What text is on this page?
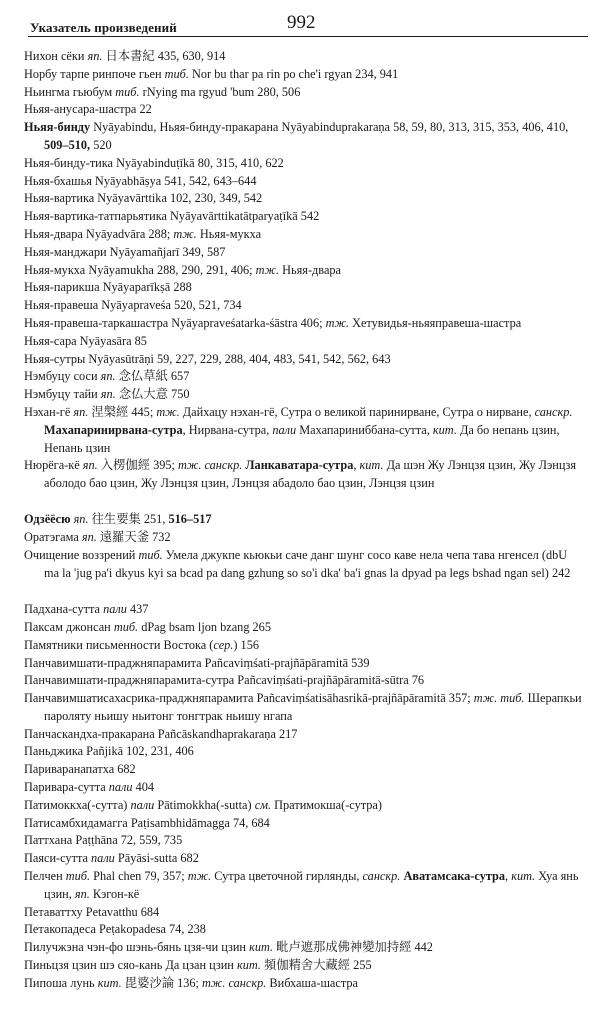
Указатель произведений	992
Нихон сёки яп. 日本書紀 435, 630, 914
Норбу тарпе ринпоче гьен тиб. Nor bu thar pa rin po che'i rgyan 234, 941
Ньингма гьюбум тиб. rNying ma rgyud 'bum 280, 506
Ньяя-анусара-шастра 22
Ньяя-бинду Nyāyabindu, Ньяя-бинду-пракарана Nyāyabinduprakaraṇa 58, 59, 80, 313, 315, 353, 406, 410, 509–510, 520
Ньяя-бинду-тика Nyāyabinduṭīkā 80, 315, 410, 622
Ньяя-бхашья Nyāyabhāṣya 541, 542, 643–644
Ньяя-вартика Nyāyavārttika 102, 230, 349, 542
Ньяя-вартика-татпарьятика Nyāyavārttikatātparyaṭīkā 542
Ньяя-двара Nyāyadvāra 288; тж. Ньяя-мукха
Ньяя-манджари Nyāyamañjarī 349, 587
Ньяя-мукха Nyāyamukha 288, 290, 291, 406; тж. Ньяя-двара
Ньяя-парикша Nyāyaparīkṣā 288
Ньяя-правеша Nyāyapraveśa 520, 521, 734
Ньяя-правеша-таркашастра Nyāyapraveśatarka-śāstra 406; тж. Хетувидья-ньяяправеша-шастра
Ньяя-сара Nyāyasāra 85
Ньяя-сутры Nyāyasūtrāṇi 59, 227, 229, 288, 404, 483, 541, 542, 562, 643
Нэмбуцу соси яп. 念仏草紙 657
Нэмбуцу тайи яп. 念仏大意 750
Нэхан-гё яп. 涅槃經 445; тж. Дайхацу нэхан-гё, Сутра о великой паринирване, Сутра о нирване, санскр. Махапаринирвана-сутра, Нирвана-сутра, пали Махапариниббана-сутта, кит. Да бо непань цзин, Непань цзин
Нюрёга-кё яп. 入楞伽經 395; тж. санскр. Ланкаватара-сутра, кит. Да шэн Жу Лэнцзя цзин, Жу Лэнцзя аболодо бао цзин, Жу Лэнцзя цзин, Лэнцзя абадоло бао цзин, Лэнцзя цзин
Одзёёсю яп. 往生要集 251, 516–517
Оратэгама яп. 遠羅天釜 732
Очищение воззрений тиб. Умела джукпе кьюкьи саче данг шунг сосо каве нела чепа тава нгенсел (dbU ma la 'jug pa'i dkyus kyi sa bcad pa dang gzhung so so'i dka' ba'i gnas la dpyad pa legs bshad ngan sel) 242
Падхана-сутта пали 437
Паксам джонсан тиб. dPag bsam ljon bzang 265
Памятники письменности Востока (сер.) 156
Панчавимшати-праджняпарамита Pañcaviṃśati-prajñāpāramitā 539
Панчавимшати-праджняпарамита-сутра Pañcaviṃśati-prajñāpāramitā-sūtra 76
Панчавимшатисахасрика-праджняпарамита Pañcaviṃśatisāhasrikā-prajñāpāramitā 357; тж. тиб. Шерапкьи пароляту ньишу ньитонг тонгтрак ньишу нгапа
Панчаскандха-пракарана Pañcāskandhaprakaraṇa 217
Паньджика Pañjikā 102, 231, 406
Париваранапатха 682
Паривара-сутта пали 404
Патимоккха(-сутта) пали Pātimokkha(-sutta) см. Пратимокша(-сутра)
Патисамбхидамагга Paṭisambhidāmagga 74, 684
Паттхана Paṭṭhāna 72, 559, 735
Паяси-сутта пали Pāyāsi-sutta 682
Пелчен тиб. Phal chen 79, 357; тж. Сутра цветочной гирлянды, санскр. Аватамсака-сутра, кит. Хуа янь цзин, яп. Кэгон-кё
Петаваттху Petavatthu 684
Петакопадеса Peṭakopadesa 74, 238
Пилучжэна чэн-фо шэнь-бянь цзя-чи цзин кит. 毗卢遮那成佛神變加持經 442
Пиньцзя цзин шэ сяо-кань Да цзан цзин кит. 頻伽精舍大藏經 255
Пипоша лунь кит. 毘婆沙論 136; тж. санскр. Вибхаша-шастра
